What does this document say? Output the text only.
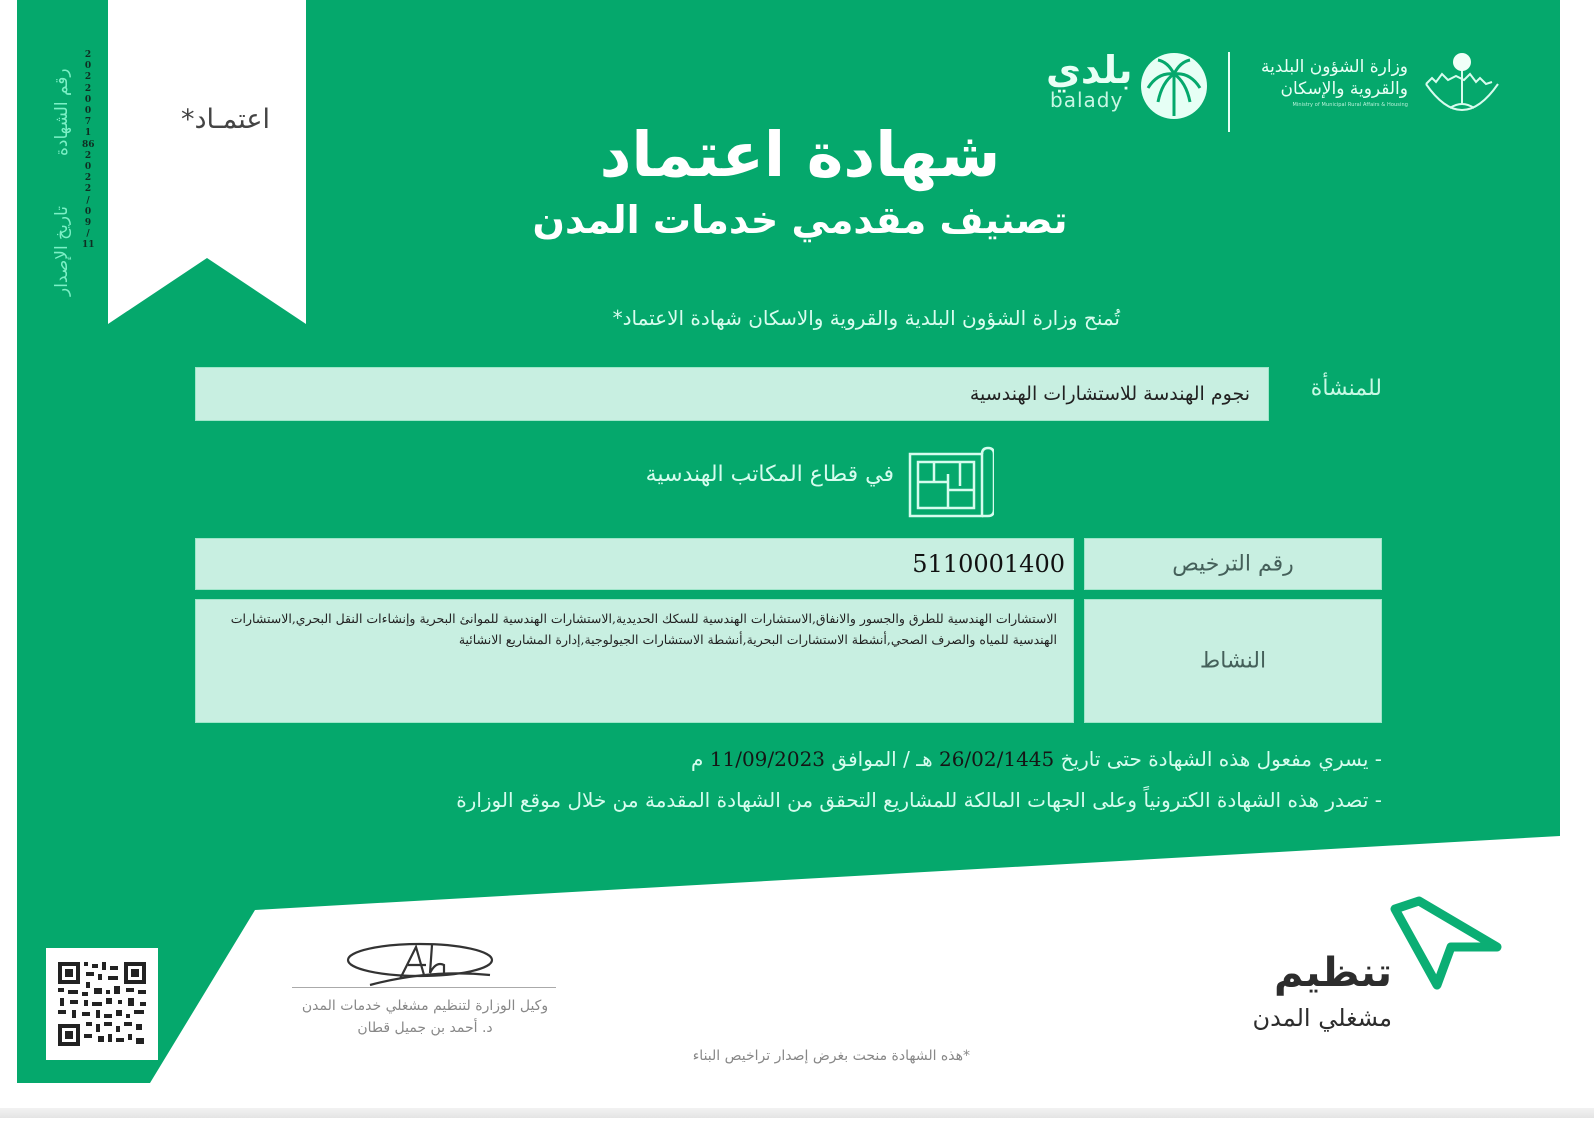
رقم الشهادة
تاريخ الإصدار
2
0
2
2
0
0
7
1
86
2
0
2
2
/
0
9
/
11
اعتمـاد*
وزارة الشؤون البلدية
والقروية والإسكان
Ministry of Municipal Rural Affairs & Housing
بلدي
balady
شهادة اعتماد
تصنيف مقدمي خدمات المدن
تُمنح وزارة الشؤون البلدية والقروية والاسكان شهادة الاعتماد*
للمنشأة
نجوم الهندسة للاستشارات الهندسية
في قطاع المكاتب الهندسية
رقم الترخيص
5110001400
النشاط
الاستشارات الهندسية للطرق والجسور والانفاق,الاستشارات الهندسية للسكك الحديدية,الاستشارات الهندسية للموانئ البحرية وإنشاءات النقل البحري,الاستشارات الهندسية للمياه والصرف الصحي,أنشطة الاستشارات البحرية,أنشطة الاستشارات الجيولوجية,إدارة المشاريع الانشائية
- يسري مفعول هذه الشهادة حتى تاريخ 26/02/1445 هـ / الموافق 11/09/2023 م
- تصدر هذه الشهادة الكترونياً وعلى الجهات المالكة للمشاريع التحقق من الشهادة المقدمة من خلال موقع الوزارة
وكيل الوزارة لتنظيم مشغلي خدمات المدن
د. أحمد بن جميل قطان
*هذه الشهادة منحت بغرض إصدار تراخيص البناء
تنظيم
مشغلي المدن
